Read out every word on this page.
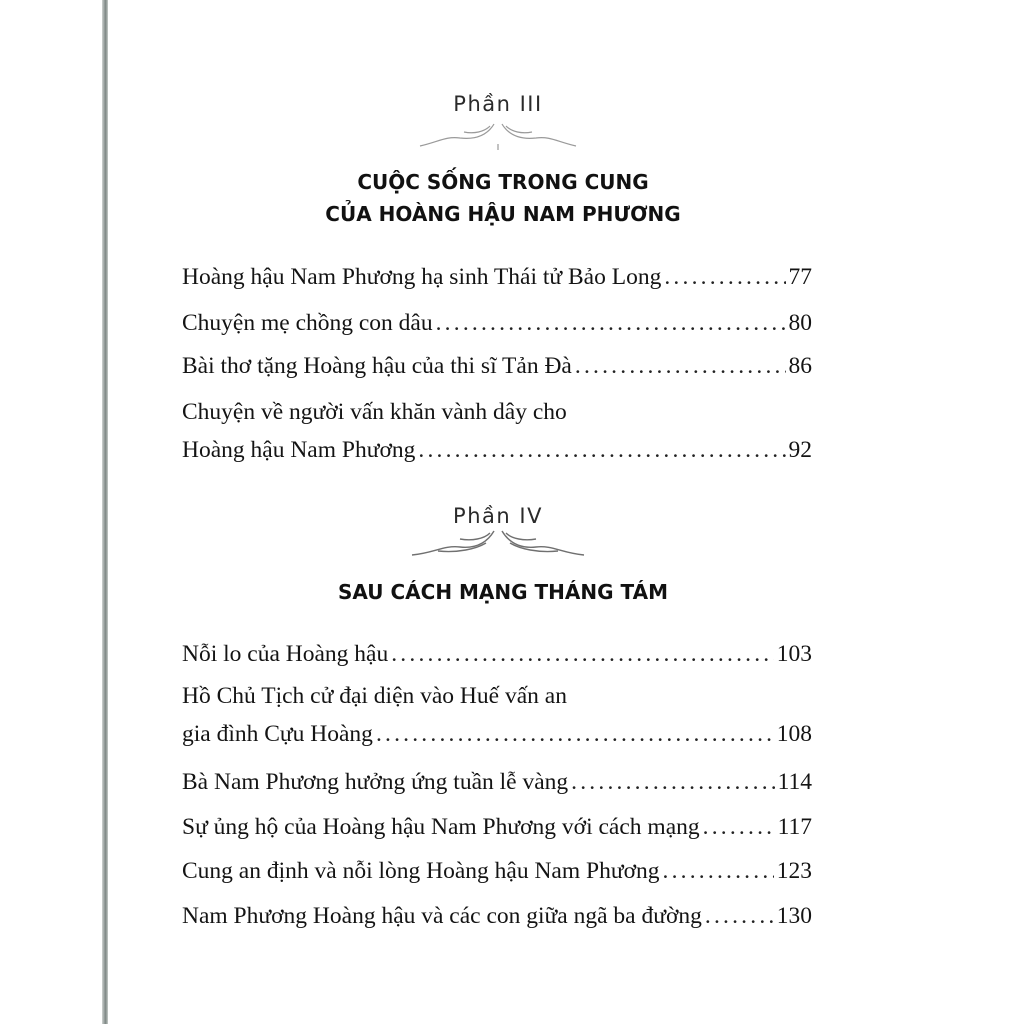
Phần III
CUỘC SỐNG TRONG CUNG
CỦA HOÀNG HẬU NAM PHƯƠNG
Hoàng hậu Nam Phương hạ sinh Thái tử Bảo Long .....	77
Chuyện mẹ chồng con dâu .....	80
Bài thơ tặng Hoàng hậu của thi sĩ Tản Đà .....	86
Chuyện về người vấn khăn vành dây cho
Hoàng hậu Nam Phương .....	92
Phần IV
SAU CÁCH MẠNG THÁNG TÁM
Nỗi lo của Hoàng hậu .....	103
Hồ Chủ Tịch cử đại diện vào Huế vấn an
gia đình Cựu Hoàng .....	108
Bà Nam Phương hưởng ứng tuần lễ vàng .....	114
Sự ủng hộ của Hoàng hậu Nam Phương với cách mạng .....	117
Cung an định và nỗi lòng Hoàng hậu Nam Phương .....	123
Nam Phương Hoàng hậu và các con giữa ngã ba đường .....	130
